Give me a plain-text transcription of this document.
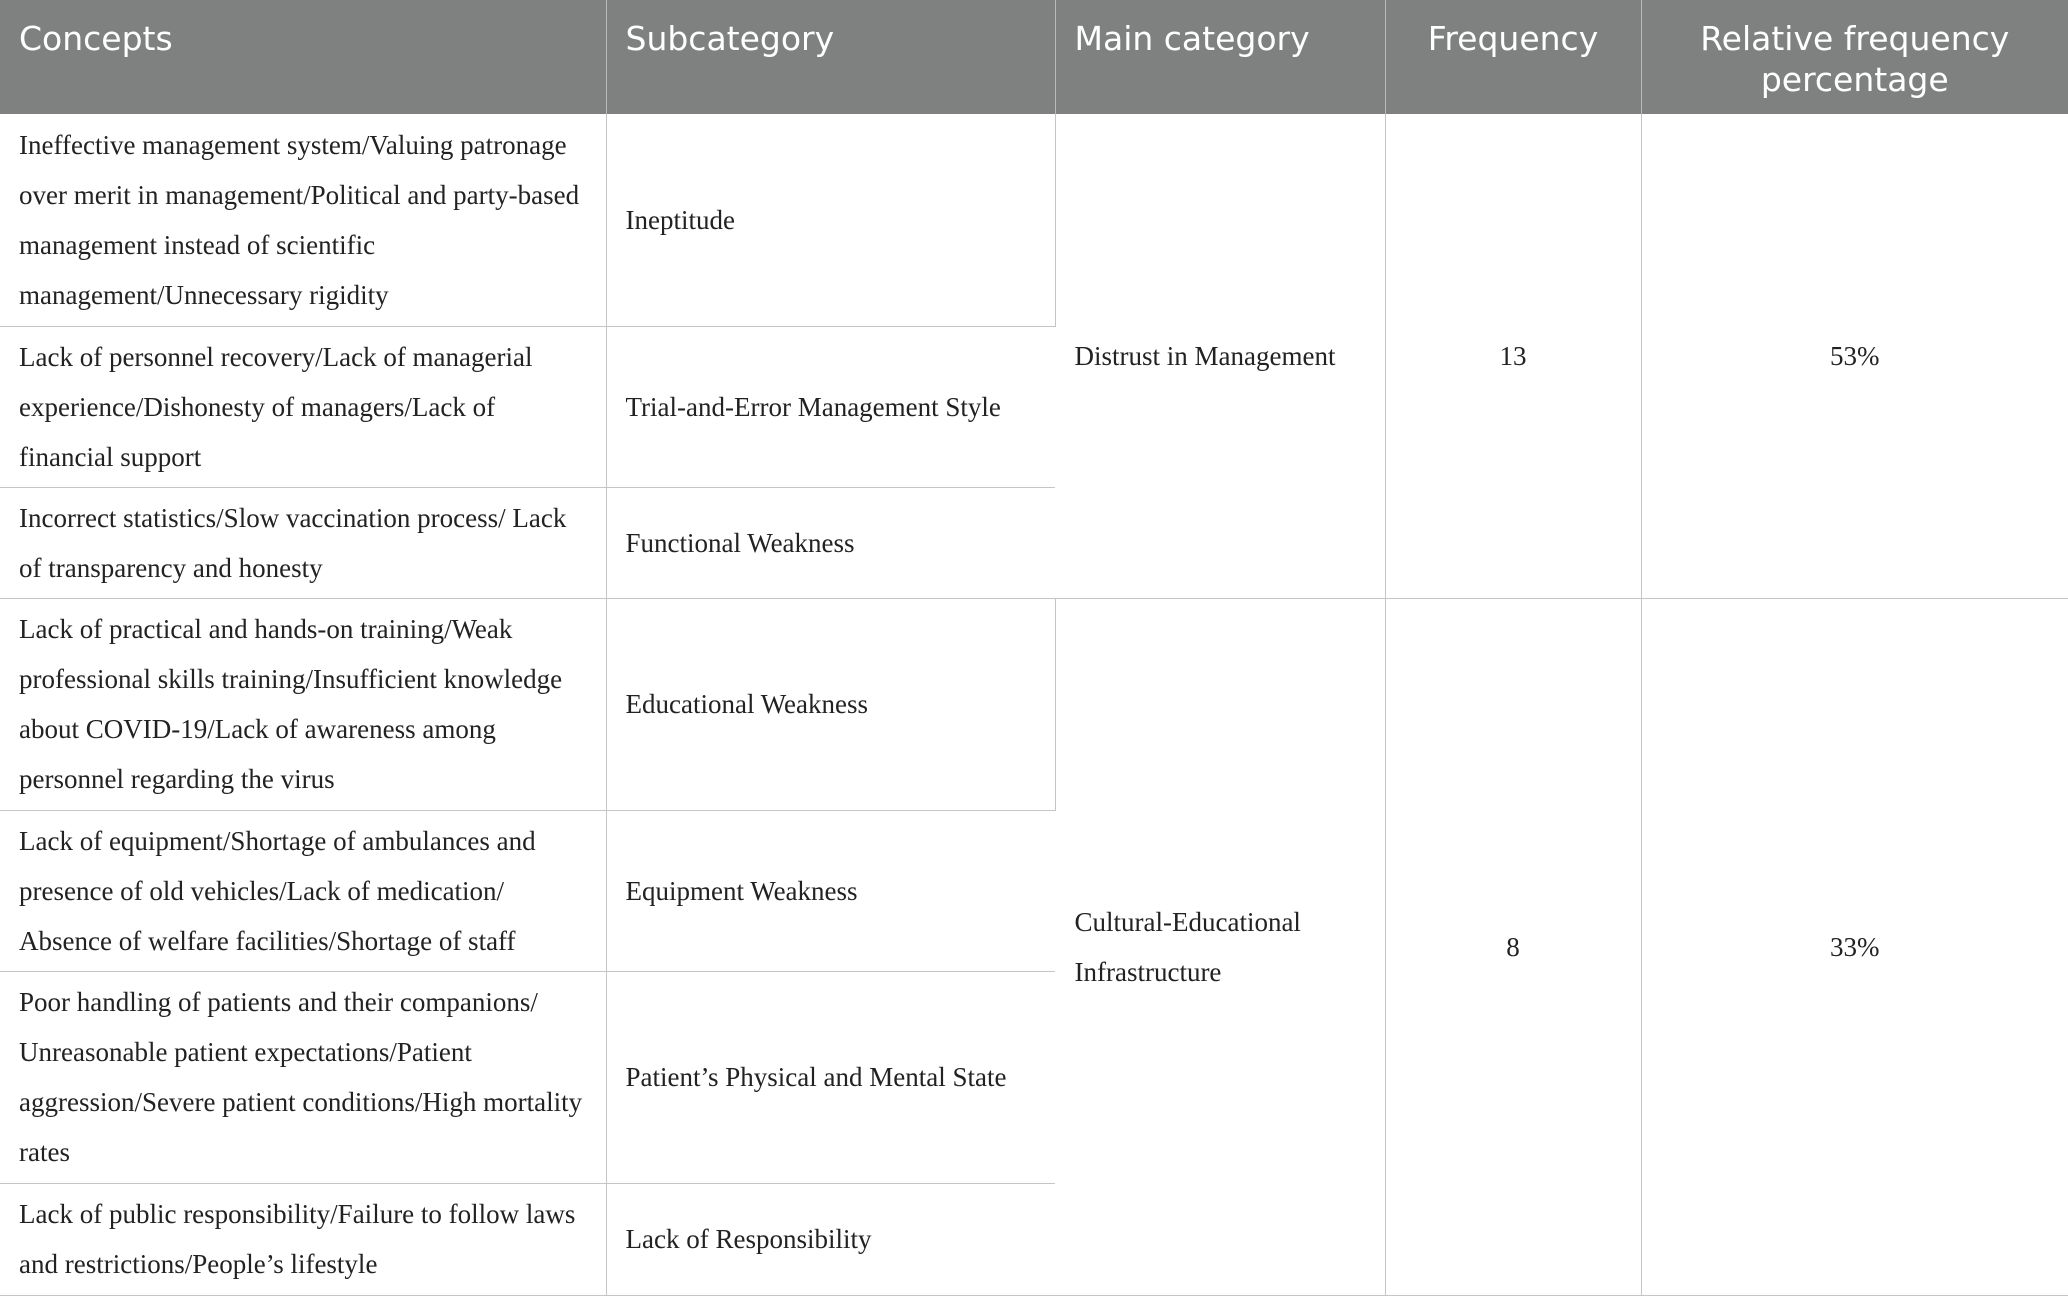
Concepts	Subcategory	Main category	Frequency	Relative frequency percentage
Ineffective management system/Valuing patronage over merit in management/Political and party-based management instead of scientific management/Unnecessary rigidity	Ineptitude	Distrust in Management	13	53%
Lack of personnel recovery/Lack of managerial experience/Dishonesty of managers/Lack of financial support	Trial-and-Error Management Style			
Incorrect statistics/Slow vaccination process/ Lack of transparency and honesty	Functional Weakness			
Lack of practical and hands-on training/Weak professional skills training/Insufficient knowledge about COVID-19/Lack of awareness among personnel regarding the virus	Educational Weakness	Cultural-Educational Infrastructure	8	33%
Lack of equipment/Shortage of ambulances and presence of old vehicles/Lack of medication/ Absence of welfare facilities/Shortage of staff	Equipment Weakness			
Poor handling of patients and their companions/ Unreasonable patient expectations/Patient aggression/Severe patient conditions/High mortality rates	Patient’s Physical and Mental State			
Lack of public responsibility/Failure to follow laws and restrictions/People’s lifestyle	Lack of Responsibility			
